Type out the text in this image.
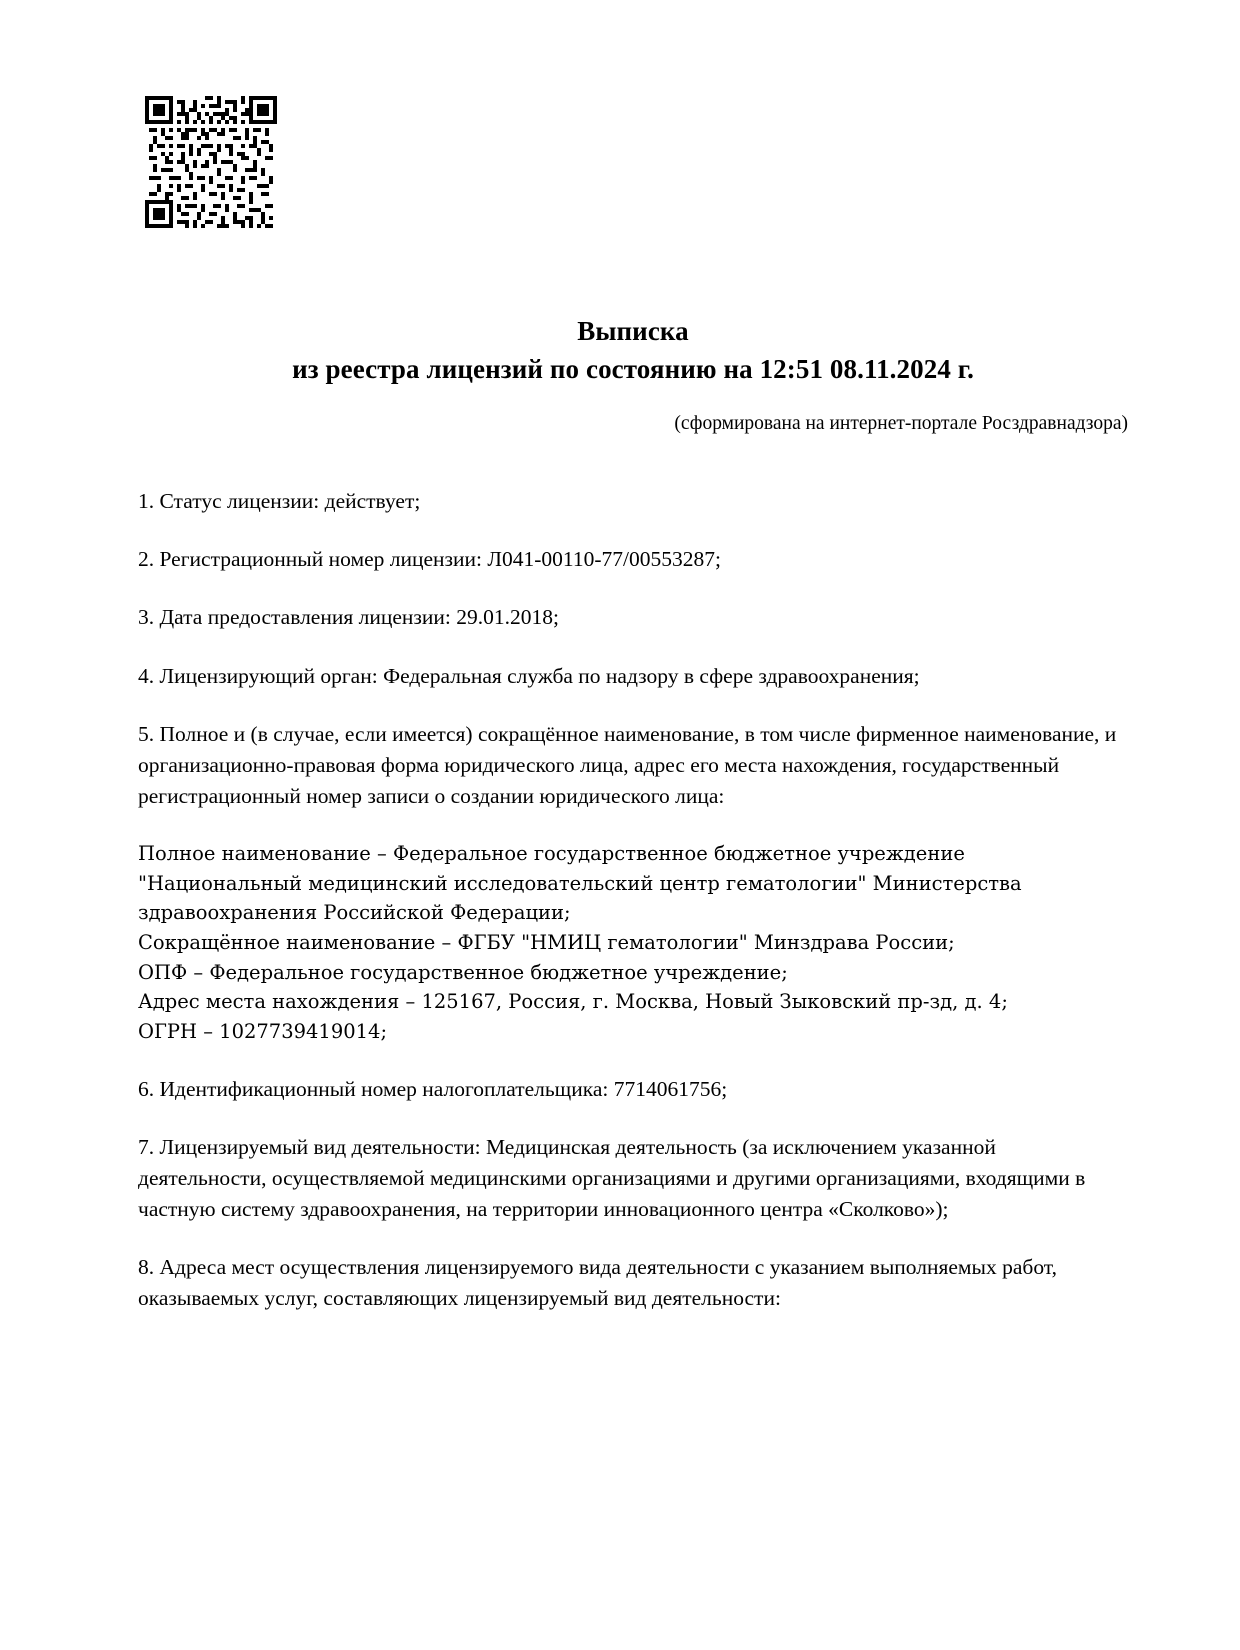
Выписка
из реестра лицензий по состоянию на 12:51 08.11.2024 г.

(сформирована на интернет-портале Росздравнадзора)

1. Статус лицензии: действует;

2. Регистрационный номер лицензии: Л041-00110-77/00553287;

3. Дата предоставления лицензии: 29.01.2018;

4. Лицензирующий орган: Федеральная служба по надзору в сфере здравоохранения;

5. Полное и (в случае, если имеется) сокращённое наименование, в том числе фирменное наименование, и организационно-правовая форма юридического лица, адрес его места нахождения, государственный регистрационный номер записи о создании юридического лица:

Полное наименование – Федеральное государственное бюджетное учреждение "Национальный медицинский исследовательский центр гематологии" Министерства здравоохранения Российской Федерации;
Сокращённое наименование – ФГБУ "НМИЦ гематологии" Минздрава России;
ОПФ – Федеральное государственное бюджетное учреждение;
Адрес места нахождения – 125167, Россия, г. Москва, Новый Зыковский пр-зд, д. 4;
ОГРН – 1027739419014;

6. Идентификационный номер налогоплательщика: 7714061756;

7. Лицензируемый вид деятельности: Медицинская деятельность (за исключением указанной деятельности, осуществляемой медицинскими организациями и другими организациями, входящими в частную систему здравоохранения, на территории инновационного центра «Сколково»);

8. Адреса мест осуществления лицензируемого вида деятельности с указанием выполняемых работ, оказываемых услуг, составляющих лицензируемый вид деятельности:
